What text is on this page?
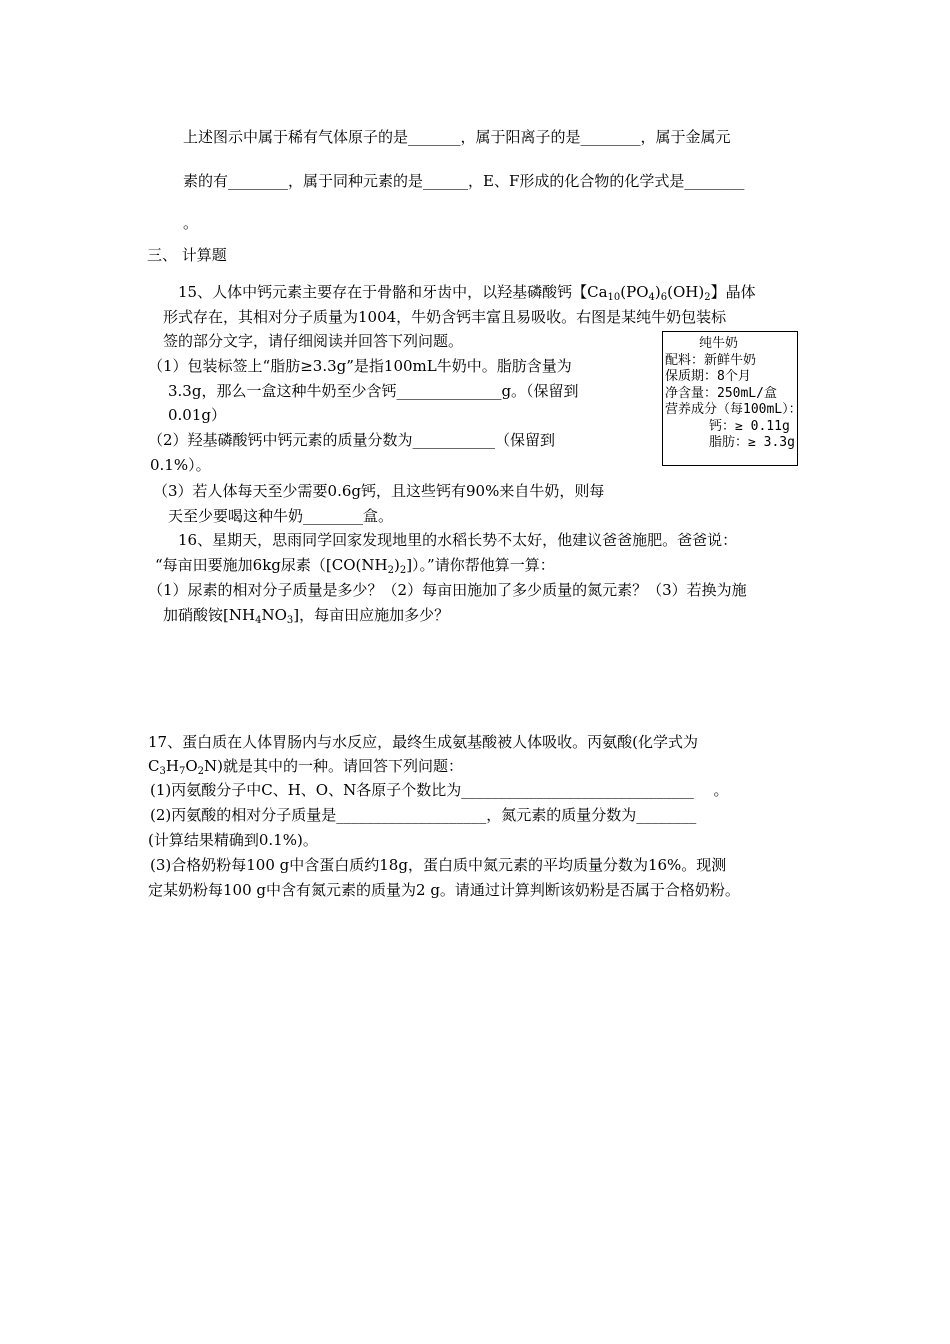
上述图示中属于稀有气体原子的是_______，属于阳离子的是________，属于金属元

素的有________，属于同种元素的是______，E、F形成的化合物的化学式是________

。

三、 计算题

15、人体中钙元素主要存在于骨骼和牙齿中，以羟基磷酸钙【$Ca_{10}(PO_4)_6(OH)_2$】晶体

形式存在，其相对分子质量为1004，牛奶含钙丰富且易吸收。右图是某纯牛奶包装标

签的部分文字，请仔细阅读并回答下列问题。

（1）包装标签上“脂肪≥3.3g”是指100mL牛奶中。脂肪含量为

3.3g，那么一盒这种牛奶至少含钙______________g。（保留到

0.01g）

（2）羟基磷酸钙中钙元素的质量分数为___________（保留到

0.1%）。

（3）若人体每天至少需要0.6g钙，且这些钙有90%来自牛奶，则每

天至少要喝这种牛奶________盒。

纯牛奶
配料：新鲜牛奶
保质期：8个月
净含量：250mL/盒
营养成分（每100mL）：
钙：≥ 0.11g
脂肪：≥ 3.3g

16、星期天，思雨同学回家发现地里的水稻长势不太好，他建议爸爸施肥。爸爸说：

“每亩田要施加6kg尿素$([CO(NH_2)_2])$。”请你帮他算一算：

（1）尿素的相对分子质量是多少？（2）每亩田施加了多少质量的氮元素？（3）若换为施

加硝酸铵$[NH_4NO_3]$，每亩田应施加多少？

17、蛋白质在人体胃肠内与水反应，最终生成氨基酸被人体吸收。丙氨酸(化学式为

$C_3H_7O_2N$)就是其中的一种。请回答下列问题：

(1)丙氨酸分子中C、H、O、N各原子个数比为_______________________________　 。

(2)丙氨酸的相对分子质量是____________________，氮元素的质量分数为________

(计算结果精确到0.1%)。

(3)合格奶粉每100 g中含蛋白质约18g，蛋白质中氮元素的平均质量分数为16%。现测

定某奶粉每100 g中含有氮元素的质量为2 g。请通过计算判断该奶粉是否属于合格奶粉。
